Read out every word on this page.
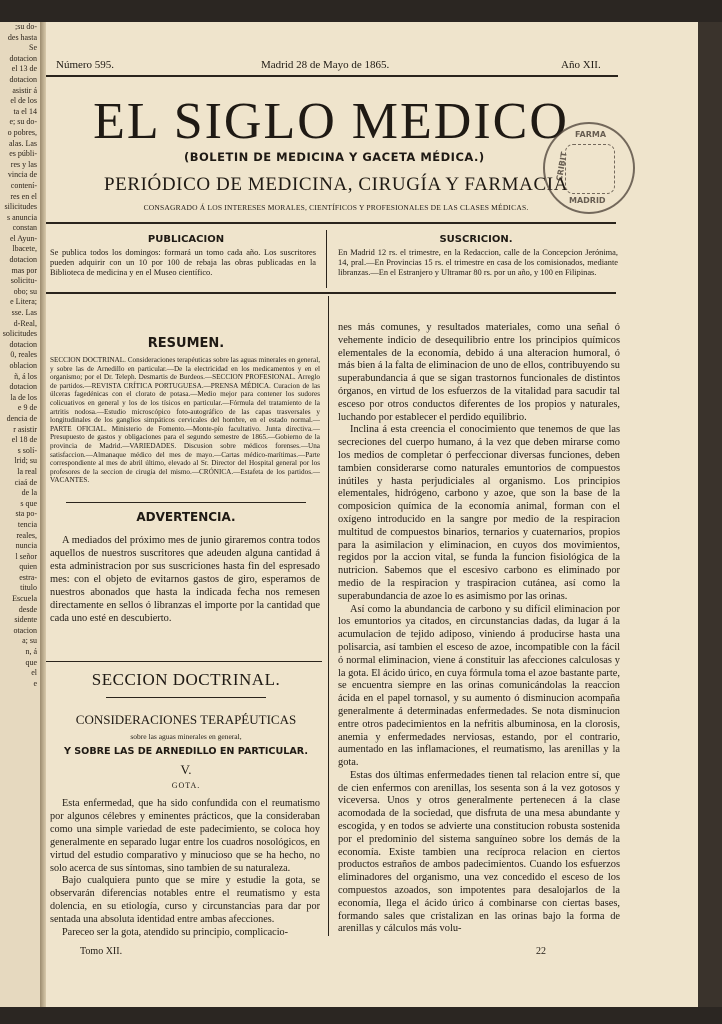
;su do-
des hasta
Se
dotacion
el 13 de
dotacion
asistir á
el de los
ta el 14
e; su do-
o pobres,
alas. Las
es públi-
res y las
vincia de
contení-
res en el
silicitudes
s anuncia
constan
el Ayun-
lbacete,
dotacion
mas por
solicitu-
obo; su
e Litera;
sse. Las
d-Real,
solicitudes
dotacion
0, reales
oblacion
ñ, á los
dotacion
la de los
e 9 de
dencia de
r asistir
el 18 de
s solí-
lrid; su
la real
ciaá de
de la
s que
sta po-
tencia
reales,
nuncia
l señor
quien
estra-
titulo
Escuela
desde
sidente
otacion
a; su
n, á
que
el
e
Número 595.	Madrid 28 de Mayo de 1865.	Año XII.
EL SIGLO MEDICO
(BOLETIN DE MEDICINA Y GACETA MÉDICA.)
PERIÓDICO DE MEDICINA, CIRUGÍA Y FARMACIA
CONSAGRADO Á LOS INTERESES MORALES, CIENTÍFICOS Y PROFESIONALES DE LAS CLASES MÉDICAS.
FARMA
CRIBIT
MADRID
PUBLICACION
Se publica todos los domingos: formará un tomo cada año. Los suscritores pueden adquirir con un 10 por 100 de rebaja las obras publicadas en la Biblioteca de medicina y en el Museo científico.
SUSCRICION.
En Madrid 12 rs. el trimestre, en la Redaccion, calle de la Concepcion Jerónima, 14, pral.—En Provincias 15 rs. el trimestre en casa de los comisionados, mediante libranzas.—En el Estranjero y Ultramar 80 rs. por un año, y 100 en Filipinas.
RESUMEN.
SECCION DOCTRINAL. Consideraciones terapéuticas sobre las aguas minerales en general, y sobre las de Arnedillo en particular.—De la electricidad en los medicamentos y en el organismo; por el Dr. Teleph. Desmartis de Burdeos.—SECCION PROFESIONAL. Arreglo de partidos.—REVISTA CRÍTICA PORTUGUESA.—PRENSA MÉDICA. Curacion de las úlceras fagedénicas con el clorato de potasa.—Medio mejor para contener los sudores colicuativos en general y los de los tísicos en particular.—Fórmula del tratamiento de la artritis nodosa.—Estudio microscópico foto-autográfico de las capas trasversales y longitudinales de los ganglios simpáticos cervicales del hombre, en el estado normal.—PARTE OFICIAL. Ministerio de Fomento.—Monte-pío facultativo. Junta directiva.—Presupuesto de gastos y obligaciones para el segundo semestre de 1865.—Gobierno de la provincia de Madrid.—VARIEDADES. Discusion sobre médicos forenses.—Una satisfaccion.—Almanaque médico del mes de mayo.—Cartas médico-marítimas.—Parte correspondiente al mes de abril último, elevado al Sr. Director del Hospital general por los profesores de la seccion de cirugía del mismo.—CRÓNICA.—Estafeta de los partidos.—VACANTES.
ADVERTENCIA.

A mediados del próximo mes de junio giraremos contra todos aquellos de nuestros suscritores que adeuden alguna cantidad á esta administracion por sus suscriciones hasta fin del espresado mes: con el objeto de evitarnos gastos de giro, esperamos de nuestros abonados que hasta la indicada fecha nos remesen directamente en sellos ó libranzas el importe por la cantidad que cada uno esté en descubierto.

SECCION DOCTRINAL.
CONSIDERACIONES TERAPÉUTICAS
sobre las aguas minerales en general,
Y SOBRE LAS DE ARNEDILLO EN PARTICULAR.
V.
GOTA.

Esta enfermedad, que ha sido confundida con el reumatismo por algunos célebres y eminentes prácticos, que la consideraban como una simple variedad de este padecimiento, se coloca hoy generalmente en separado lugar entre los cuadros nosológicos, en virtud del estudio comparativo y minucioso que se ha hecho, no solo acerca de sus síntomas, sino tambien de su naturaleza.

Bajo cualquiera punto que se mire y estudie la gota, se observarán diferencias notables entre el reumatismo y esta dolencia, en su etiología, curso y circunstancias para dar por sentada una absoluta identidad entre ambas afecciones.

Pareceo ser la gota, atendido su principio, complicacio-

nes más comunes, y resultados materiales, como una señal ó vehemente indicio de desequilibrio entre los principios químicos elementales de la economía, debido á una alteracion humoral, ó más bien á la falta de eliminacion de uno de ellos, contribuyendo su superabundancia á que se sigan trastornos funcionales de distintos órganos, en virtud de los esfuerzos de la vitalidad para sacudir tal esceso por otros conductos diferentes de los propios y naturales, luchando por establecer el perdido equilibrio.

Inclina á esta creencia el conocimiento que tenemos de que las secreciones del cuerpo humano, á la vez que deben mirarse como los medios de completar ó perfeccionar diversas funciones, deben tambien considerarse como naturales emuntorios de compuestos inútiles y hasta perjudiciales al organismo. Los principios elementales, hidrógeno, carbono y azoe, que son la base de la composicion química de la economía animal, forman con el oxígeno introducido en la sangre por medio de la respiracion multitud de compuestos binarios, ternarios y cuaternarios, propios para la asimilacion y eliminacion, en cuyos dos movimientos, regidos por la accion vital, se funda la funcion fisiológica de la nutricion. Sabemos que el escesivo carbono es eliminado por medio de la respiracion y traspiracion cutánea, así como la superabundancia de azoe lo es asimismo por las orinas.

Así como la abundancia de carbono y su difícil eliminacion por los emuntorios ya citados, en circunstancias dadas, da lugar á la acumulacion de tejido adiposo, viniendo á producirse hasta una polisarcia, así tambien el esceso de azoe, incompatible con la fácil ó normal eliminacion, viene á constituir las afecciones calculosas y la gota. El ácido úrico, en cuya fórmula toma el azoe bastante parte, se encuentra siempre en las orinas comunicándolas la reaccion ácida en el papel tornasol, y su aumento ó disminucion acompaña generalmente á determinadas enfermedades. Se nota disminucion entre otros padecimientos en la nefritis albuminosa, en la clorosis, anemia y enfermedades nerviosas, estando, por el contrario, aumentado en las inflamaciones, el reumatismo, las arenillas y la gota.

Estas dos últimas enfermedades tienen tal relacion entre sí, que de cien enfermos con arenillas, los sesenta son á la vez gotosos y viceversa. Unos y otros generalmente pertenecen á la clase acomodada de la sociedad, que disfruta de una mesa abundante y escogida, y en todos se advierte una constitucion robusta sostenida por el predominio del sistema sanguíneo sobre los demás de la economía. Existe tambien una recíproca relacion en ciertos productos estraños de ambos padecimientos. Cuando los esfuerzos eliminadores del organismo, una vez concedido el esceso de los compuestos azoados, son impotentes para desalojarlos de la economía, llega el ácido úrico á combinarse con ciertas bases, formando sales que cristalizan en las orinas bajo la forma de arenillas y cálculos más volu-

Tomo XII.	22
